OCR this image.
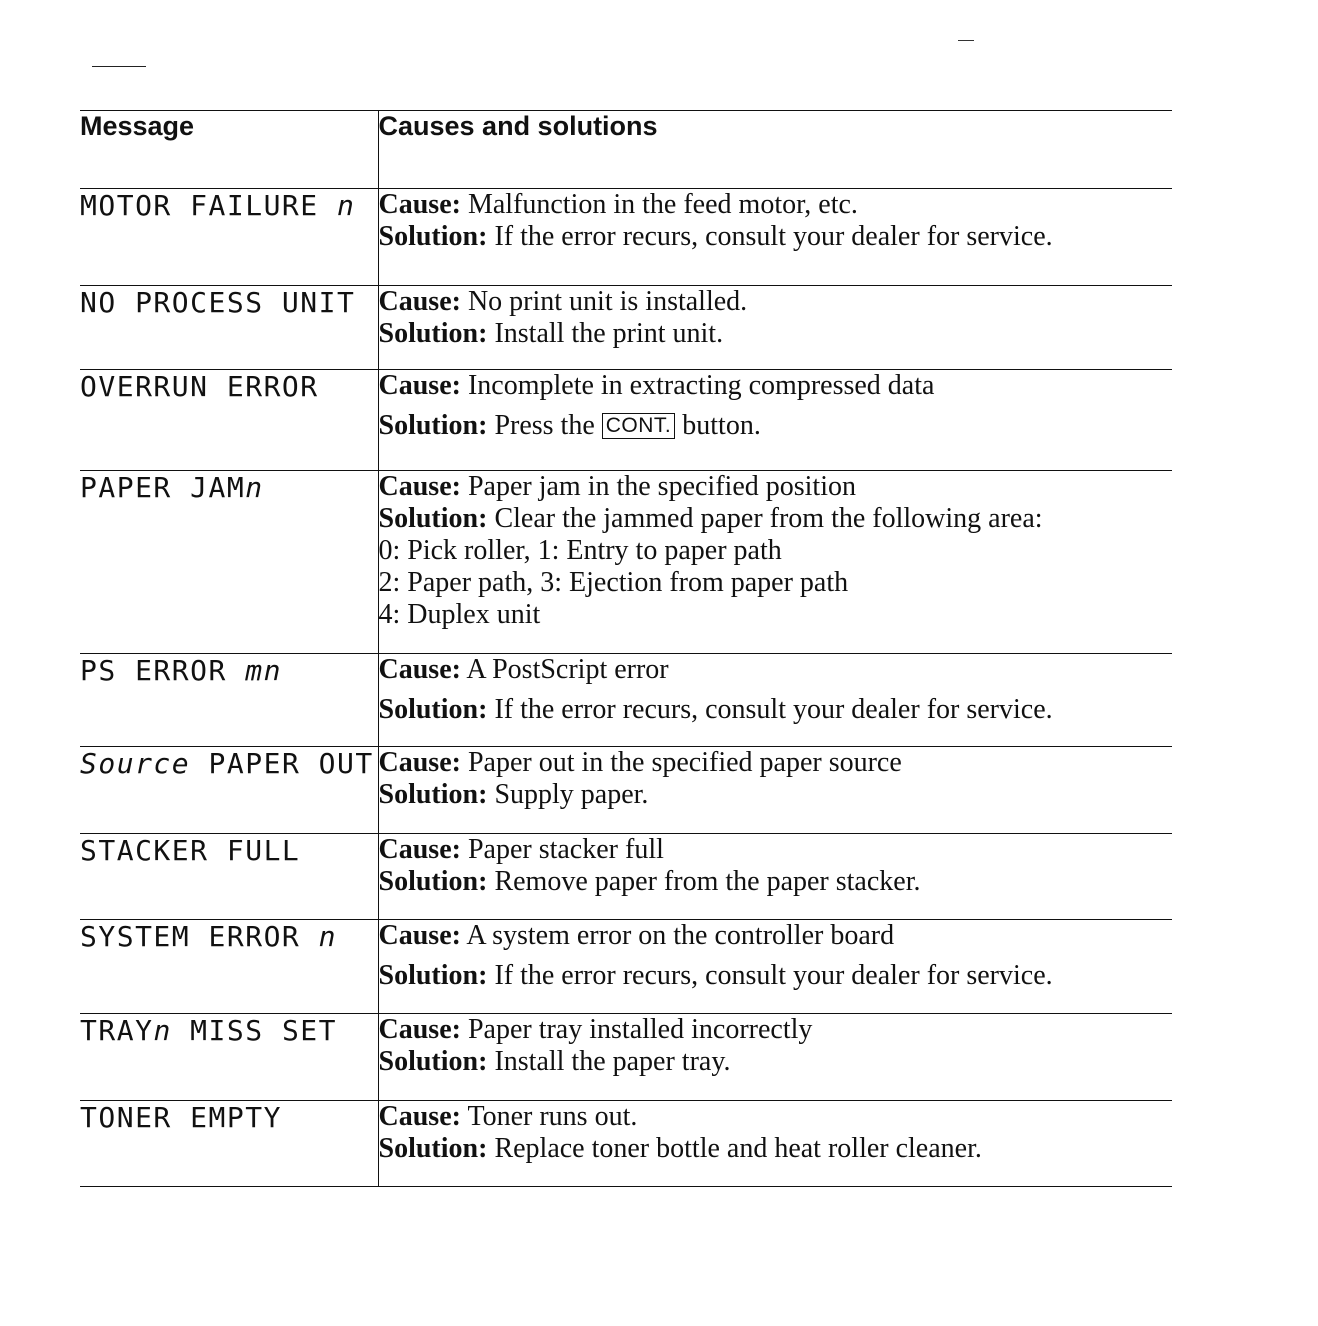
Message	Causes and solutions
MOTOR FAILURE n	Cause: Malfunction in the feed motor, etc.
Solution: If the error recurs, consult your dealer for service.

NO PROCESS UNIT	Cause: No print unit is installed.
Solution: Install the print unit.

OVERRUN ERROR	Cause: Incomplete in extracting compressed data
Solution: Press the CONT. button.

PAPER JAMn	Cause: Paper jam in the specified position
Solution: Clear the jammed paper from the following area:
0: Pick roller, 1: Entry to paper path
2: Paper path, 3: Ejection from paper path
4: Duplex unit

PS ERROR mn	Cause: A PostScript error
Solution: If the error recurs, consult your dealer for service.

Source PAPER OUT	Cause: Paper out in the specified paper source
Solution: Supply paper.

STACKER FULL	Cause: Paper stacker full
Solution: Remove paper from the paper stacker.

SYSTEM ERROR n	Cause: A system error on the controller board
Solution: If the error recurs, consult your dealer for service.

TRAYn MISS SET	Cause: Paper tray installed incorrectly
Solution: Install the paper tray.

TONER EMPTY	Cause: Toner runs out.
Solution: Replace toner bottle and heat roller cleaner.
